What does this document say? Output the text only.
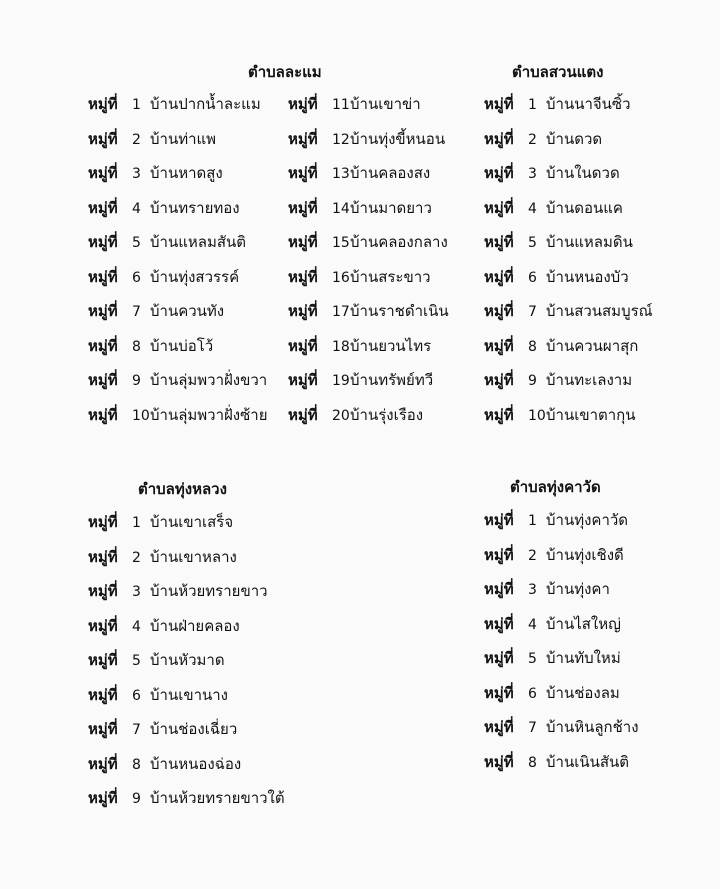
ตำบลละแม
หมู่ที่ 1 บ้านปากน้ำละแม
หมู่ที่ 2 บ้านท่าแพ
หมู่ที่ 3 บ้านหาดสูง
หมู่ที่ 4 บ้านทรายทอง
หมู่ที่ 5 บ้านแหลมสันติ
หมู่ที่ 6 บ้านทุ่งสวรรค์
หมู่ที่ 7 บ้านควนทัง
หมู่ที่ 8 บ้านบ่อโว้
หมู่ที่ 9 บ้านลุ่มพวาฝั่งขวา
หมู่ที่ 10 บ้านลุ่มพวาฝั่งซ้าย
หมู่ที่ 11 บ้านเขาข่า
หมู่ที่ 12 บ้านทุ่งขี้หนอน
หมู่ที่ 13 บ้านคลองสง
หมู่ที่ 14 บ้านมาดยาว
หมู่ที่ 15 บ้านคลองกลาง
หมู่ที่ 16 บ้านสระขาว
หมู่ที่ 17 บ้านราชดำเนิน
หมู่ที่ 18 บ้านยวนไทร
หมู่ที่ 19 บ้านทรัพย์ทวี
หมู่ที่ 20 บ้านรุ่งเรือง
ตำบลสวนแตง
หมู่ที่ 1 บ้านนาจีนซิ้ว
หมู่ที่ 2 บ้านดวด
หมู่ที่ 3 บ้านในดวด
หมู่ที่ 4 บ้านดอนแค
หมู่ที่ 5 บ้านแหลมดิน
หมู่ที่ 6 บ้านหนองบัว
หมู่ที่ 7 บ้านสวนสมบูรณ์
หมู่ที่ 8 บ้านควนผาสุก
หมู่ที่ 9 บ้านทะเลงาม
หมู่ที่ 10 บ้านเขาตากุน
ตำบลทุ่งหลวง
หมู่ที่ 1 บ้านเขาเสร็จ
หมู่ที่ 2 บ้านเขาหลาง
หมู่ที่ 3 บ้านห้วยทรายขาว
หมู่ที่ 4 บ้านฝ่ายคลอง
หมู่ที่ 5 บ้านหัวมาด
หมู่ที่ 6 บ้านเขานาง
หมู่ที่ 7 บ้านช่องเฉี่ยว
หมู่ที่ 8 บ้านหนองฉ่อง
หมู่ที่ 9 บ้านห้วยทรายขาวใต้
ตำบลทุ่งคาวัด
หมู่ที่ 1 บ้านทุ่งคาวัด
หมู่ที่ 2 บ้านทุ่งเชิงดี
หมู่ที่ 3 บ้านทุ่งคา
หมู่ที่ 4 บ้านไสใหญ่
หมู่ที่ 5 บ้านทับใหม่
หมู่ที่ 6 บ้านช่องลม
หมู่ที่ 7 บ้านหินลูกช้าง
หมู่ที่ 8 บ้านเนินสันติ
